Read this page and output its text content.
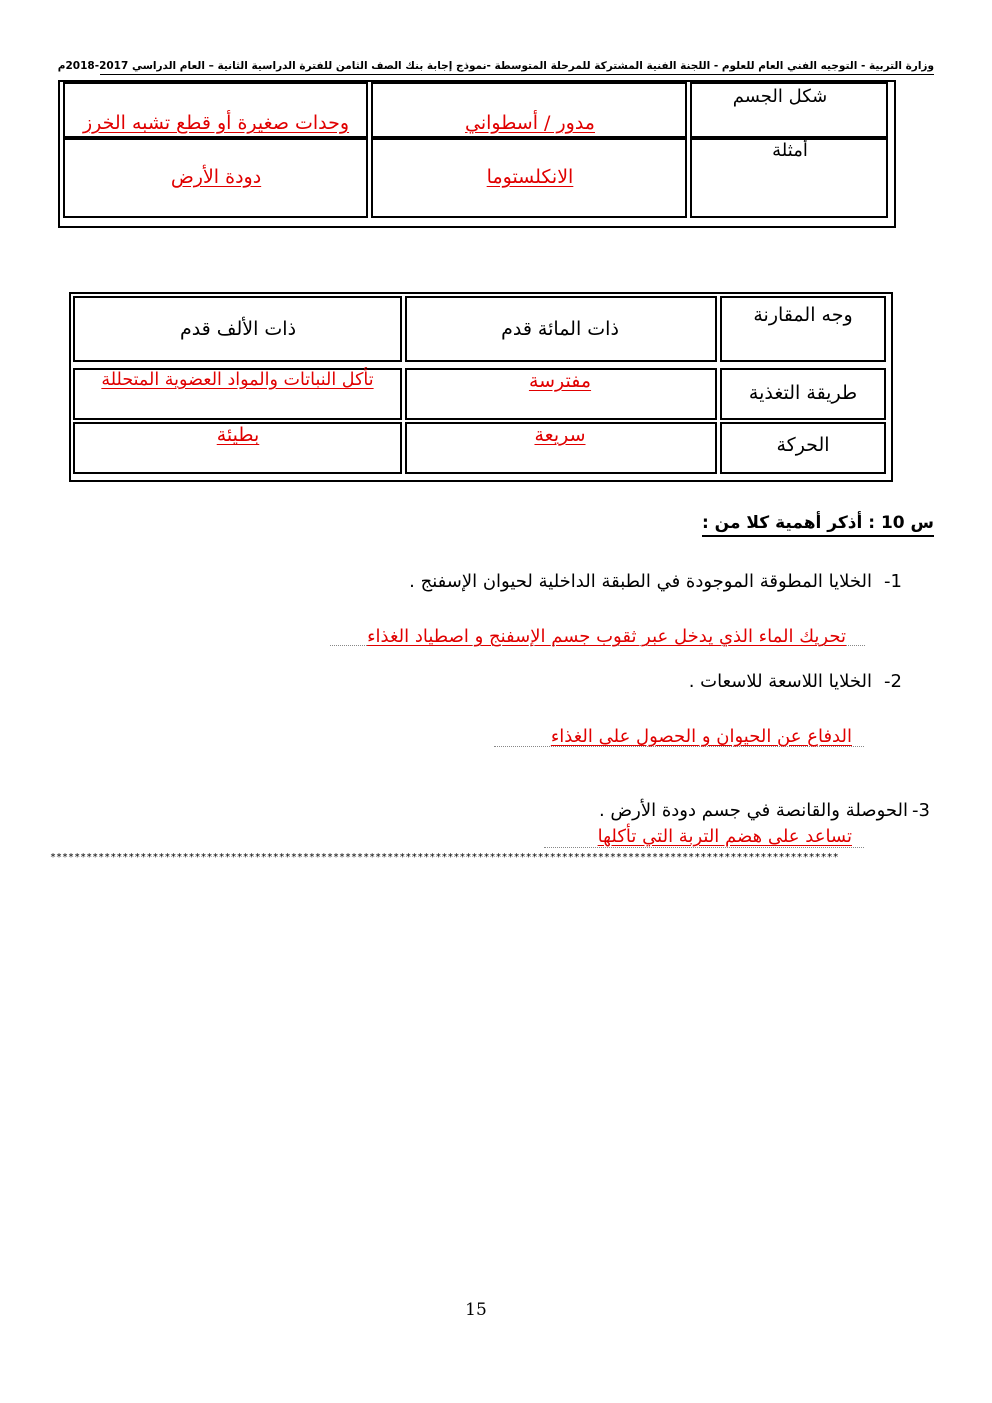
وزارة التربية - التوجيه الفني العام للعلوم - اللجنة الفنية المشتركة للمرحلة المتوسطة -نموذج إجابة بنك الصف الثامن للفترة الدراسية الثانية – العام الدراسي 2017-2018م
شكل الجسم
مدور / أسطواني
وحدات صغيرة أو قطع تشبه الخرز
أمثلة
الانكلستوما
دودة الأرض
وجه المقارنة
ذات المائة قدم
ذات الألف قدم
طريقة التغذية
مفترسة
تأكل النباتات والمواد العضوية المتحللة
الحركة
سريعة
بطيئة
س 10 : أذكر أهمية كلا من :
1-
الخلايا المطوقة الموجودة في الطبقة الداخلية لحيوان الإسفنج .
تحريك الماء الذي يدخل عبر ثقوب جسم الإسفنج و اصطياد الغذاء
2-
الخلايا اللاسعة للاسعات .
الدفاع عن الحيوان و الحصول على الغذاء
3-
الحوصلة والقانصة في جسم دودة الأرض .
تساعد على هضم التربة التي تأكلها
***********************************************************************************************************************************
15
